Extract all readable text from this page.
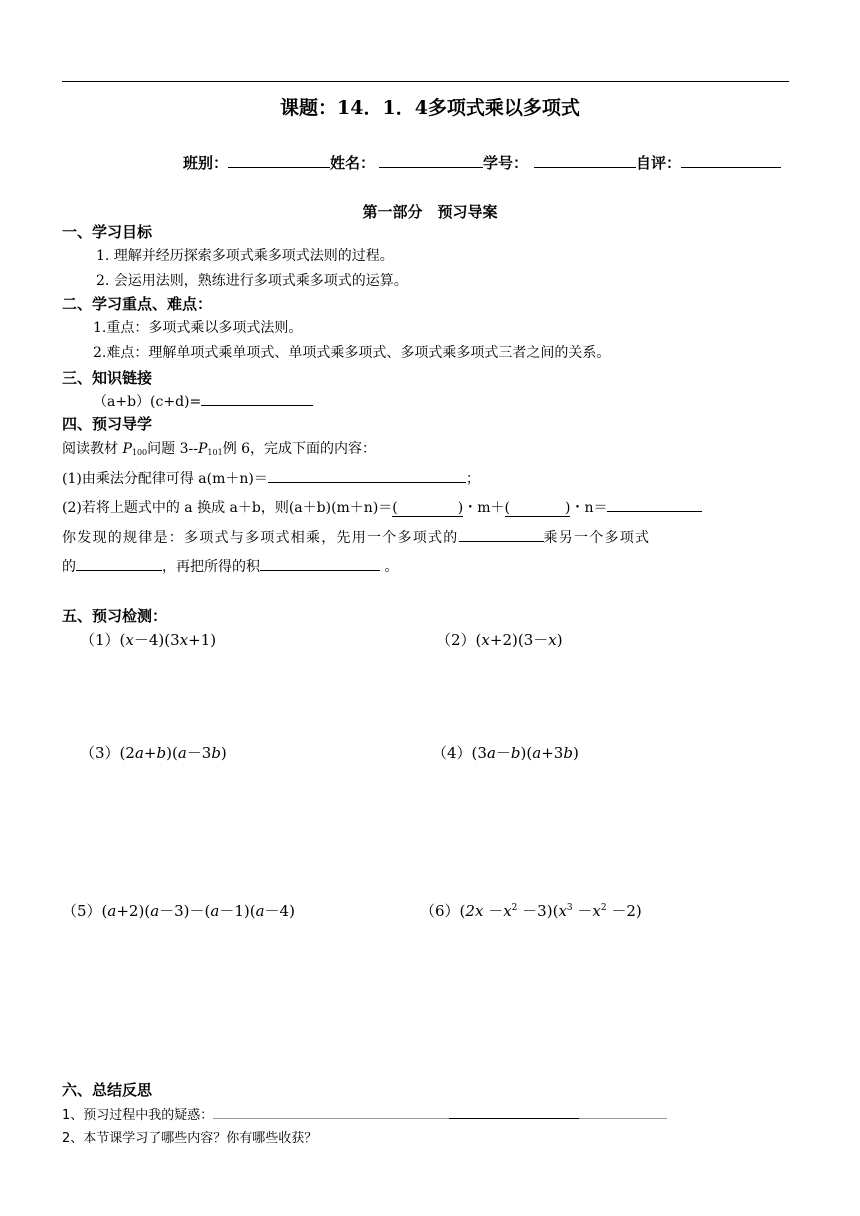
课题：14．1．4多项式乘以多项式
班别：	姓名：	学号：	自评：
第一部分　预习导案
一、学习目标
1. 理解并经历探索多项式乘多项式法则的过程。
2. 会运用法则，熟练进行多项式乘多项式的运算。
二、学习重点、难点：
1.重点：多项式乘以多项式法则。
2.难点：理解单项式乘单项式、单项式乘多项式、多项式乘多项式三者之间的关系。
三、知识链接
（a+b）(c+d)=
四、预习导学
阅读教材 $P_{100}$问题 $3--P_{101}$例 6，完成下面的内容：
(1)由乘法分配律可得 a(m＋n)＝	；
(2)若将上题式中的 a 换成 a＋b，则(a＋b)(m＋n)＝(	)・m＋(	)・n＝
你发现的规律是：多项式与多项式相乘，先用一个多项式的	乘另一个多项式
的	，再把所得的积	。
五、预习检测：
（1）(x－4)(3x+1)	（2）(x+2)(3－x)
（3）(2a+b)(a－3b)	（4）(3a－b)(a+3b)
（5）(a+2)(a－3)－(a－1)(a－4)	$(6)(2x -x^2 -3)(x^3 -x^2 -2)$
六、总结反思
1、预习过程中我的疑惑：
2、本节课学习了哪些内容？你有哪些收获？
